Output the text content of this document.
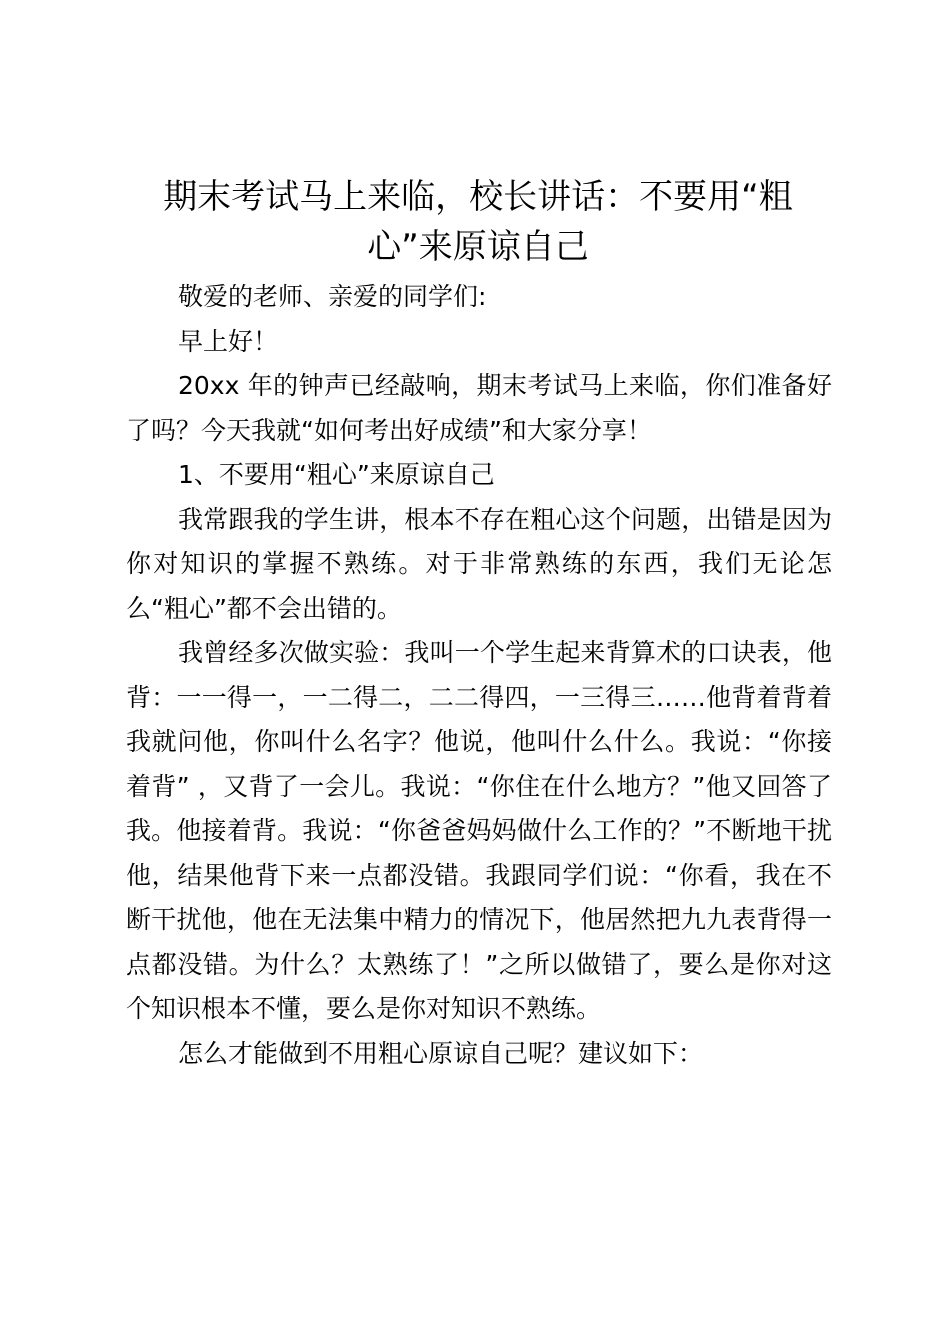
期末考试马上来临，校长讲话：不要用“粗心”来原谅自己

敬爱的老师、亲爱的同学们:

早上好！

20xx 年的钟声已经敲响，期末考试马上来临，你们准备好了吗？今天我就“如何考出好成绩”和大家分享！

1、不要用“粗心”来原谅自己

我常跟我的学生讲，根本不存在粗心这个问题，出错是因为你对知识的掌握不熟练。对于非常熟练的东西，我们无论怎么“粗心”都不会出错的。

我曾经多次做实验：我叫一个学生起来背算术的口诀表，他背：一一得一，一二得二，二二得四，一三得三……他背着背着我就问他，你叫什么名字？他说，他叫什么什么。我说：“你接着背” ，又背了一会儿。我说：“你住在什么地方？”他又回答了我。他接着背。我说：“你爸爸妈妈做什么工作的？”不断地干扰他，结果他背下来一点都没错。我跟同学们说：“你看，我在不断干扰他，他在无法集中精力的情况下，他居然把九九表背得一点都没错。为什么？太熟练了！”之所以做错了，要么是你对这个知识根本不懂，要么是你对知识不熟练。

怎么才能做到不用粗心原谅自己呢？建议如下：
